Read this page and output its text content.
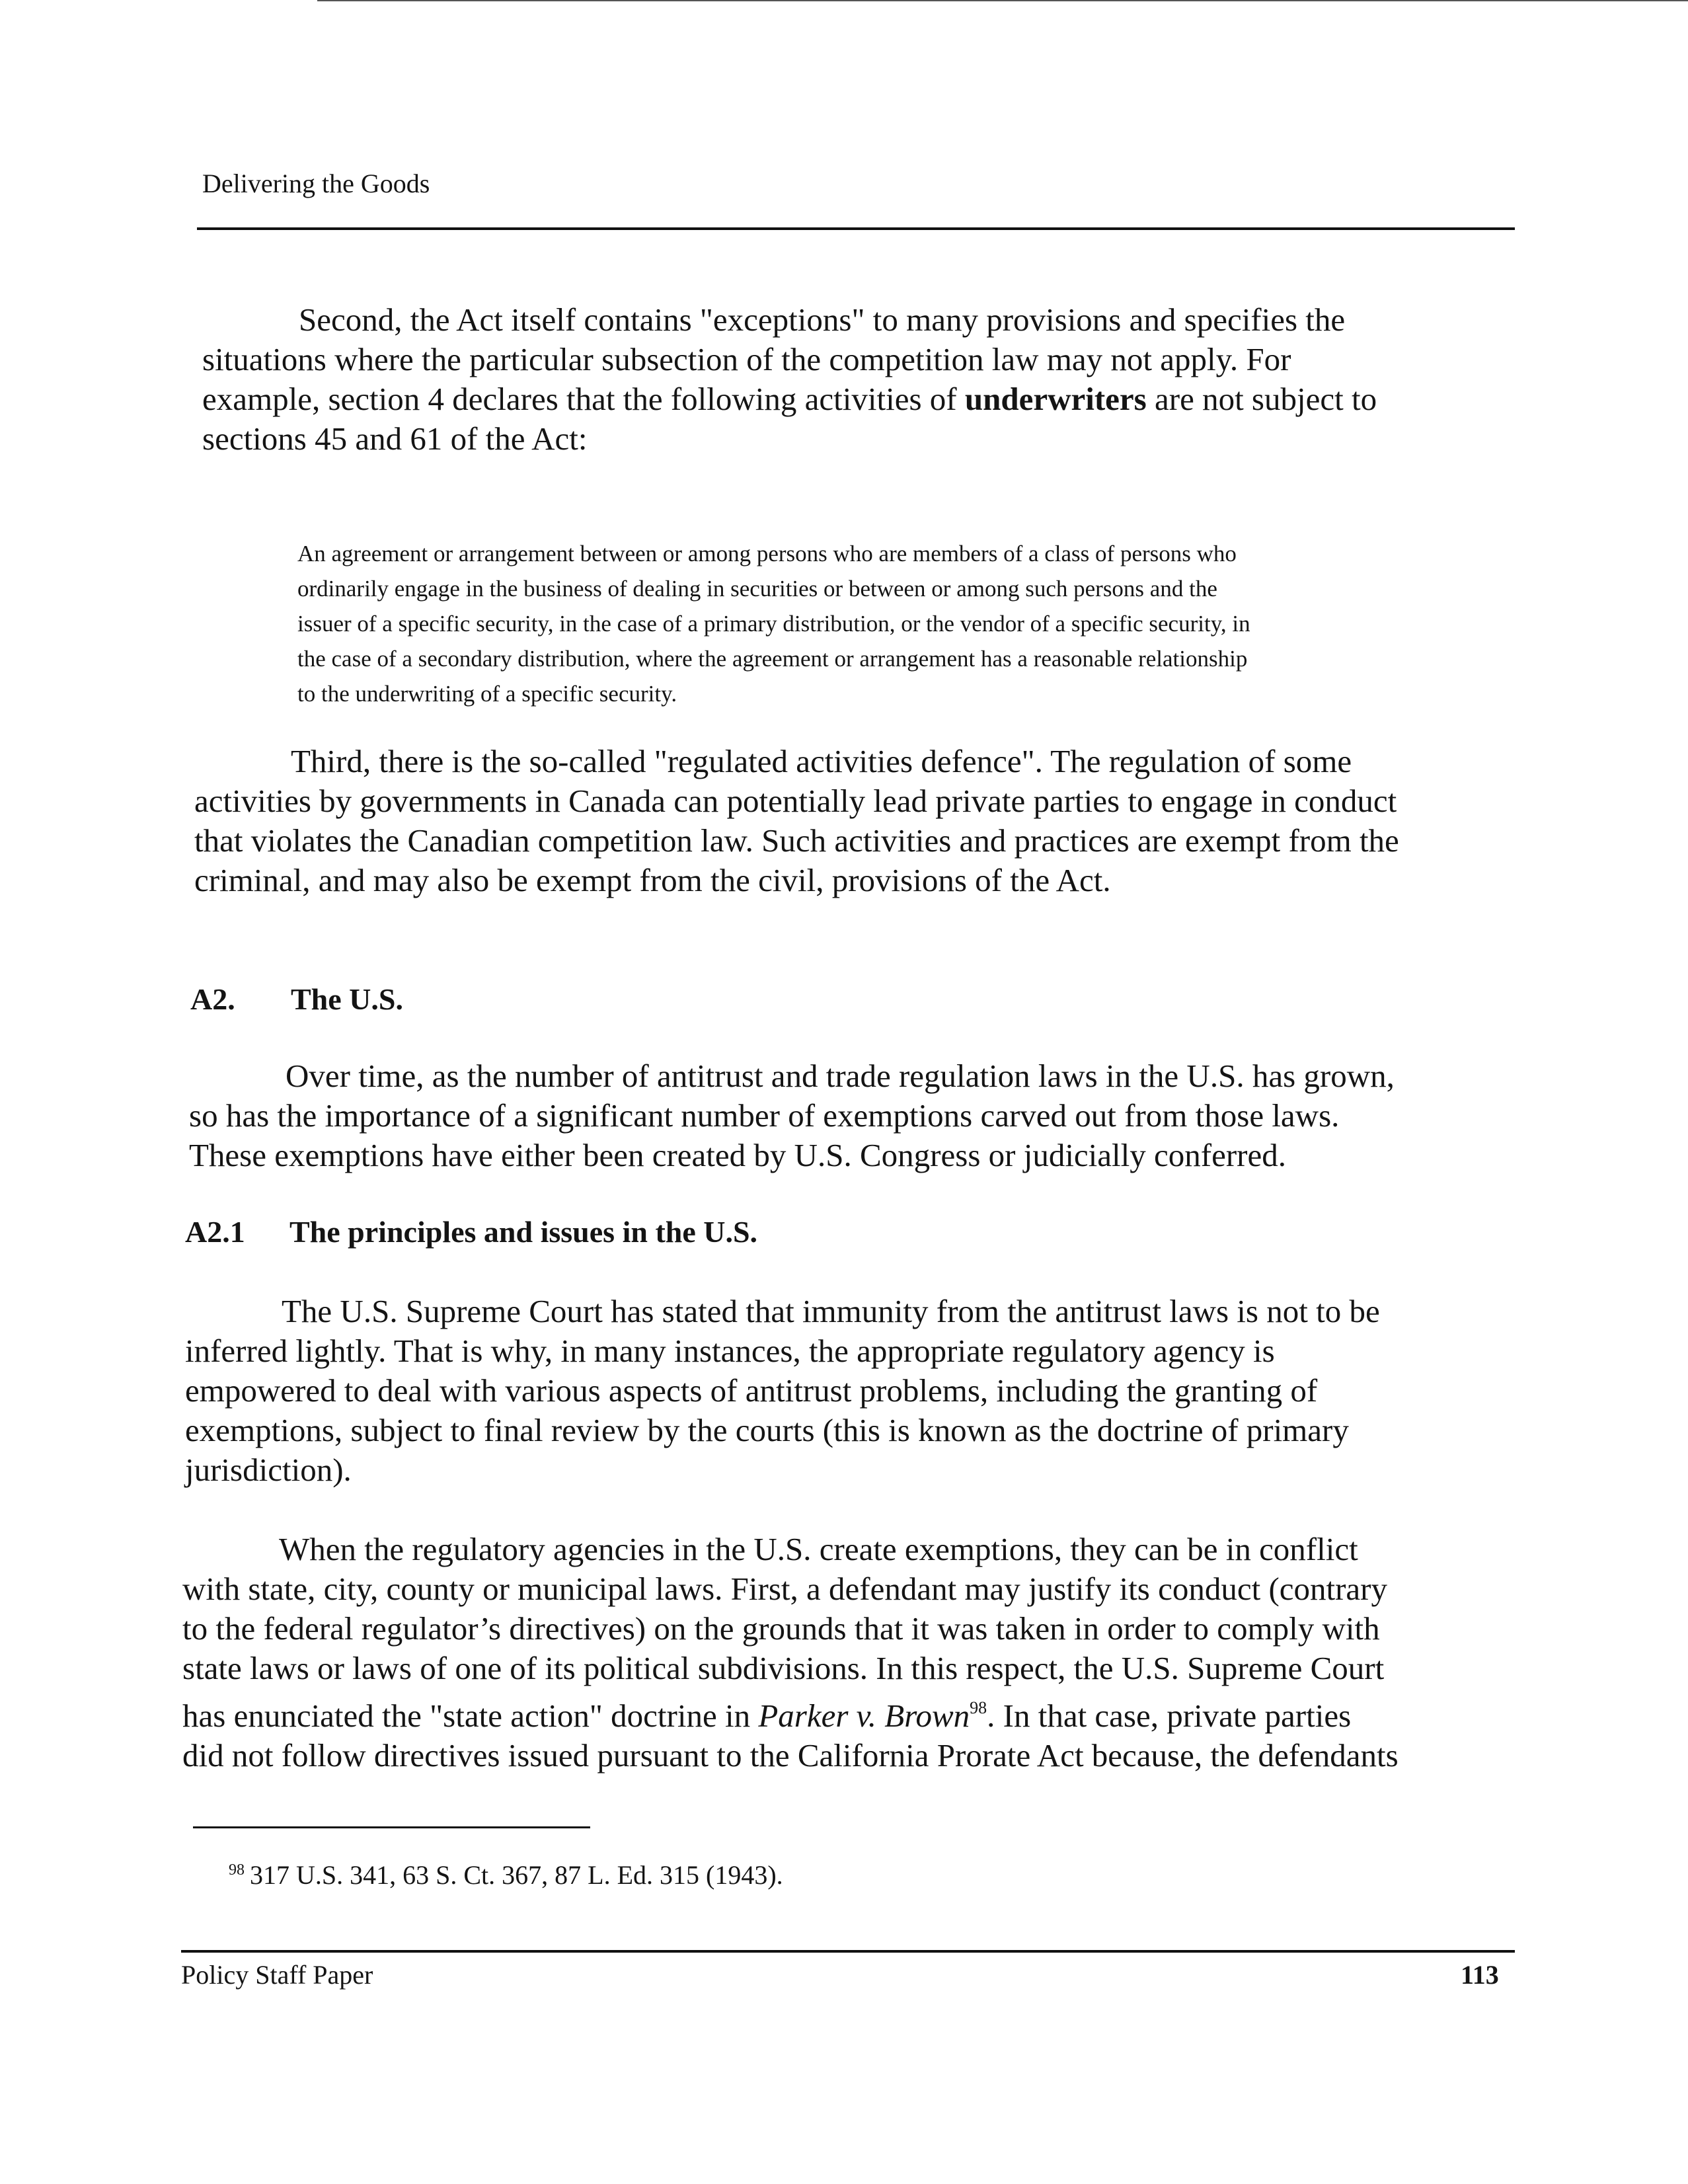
Delivering the Goods

Second, the Act itself contains "exceptions" to many provisions and specifies the
situations where the particular subsection of the competition law may not apply. For
example, section 4 declares that the following activities of underwriters are not subject to
sections 45 and 61 of the Act:

An agreement or arrangement between or among persons who are members of a class of persons who
ordinarily engage in the business of dealing in securities or between or among such persons and the
issuer of a specific security, in the case of a primary distribution, or the vendor of a specific security, in
the case of a secondary distribution, where the agreement or arrangement has a reasonable relationship
to the underwriting of a specific security.

Third, there is the so-called "regulated activities defence". The regulation of some
activities by governments in Canada can potentially lead private parties to engage in conduct
that violates the Canadian competition law. Such activities and practices are exempt from the
criminal, and may also be exempt from the civil, provisions of the Act.

A2. The U.S.

Over time, as the number of antitrust and trade regulation laws in the U.S. has grown,
so has the importance of a significant number of exemptions carved out from those laws.
These exemptions have either been created by U.S. Congress or judicially conferred.

A2.1 The principles and issues in the U.S.

The U.S. Supreme Court has stated that immunity from the antitrust laws is not to be
inferred lightly. That is why, in many instances, the appropriate regulatory agency is
empowered to deal with various aspects of antitrust problems, including the granting of
exemptions, subject to final review by the courts (this is known as the doctrine of primary
jurisdiction).

When the regulatory agencies in the U.S. create exemptions, they can be in conflict
with state, city, county or municipal laws. First, a defendant may justify its conduct (contrary
to the federal regulator’s directives) on the grounds that it was taken in order to comply with
state laws or laws of one of its political subdivisions. In this respect, the U.S. Supreme Court
has enunciated the "state action" doctrine in Parker v. Brown$^{98}$. In that case, private parties
did not follow directives issued pursuant to the California Prorate Act because, the defendants

$^{98}$ 317 U.S. 341, 63 S. Ct. 367, 87 L. Ed. 315 (1943).
Policy Staff Paper	113
